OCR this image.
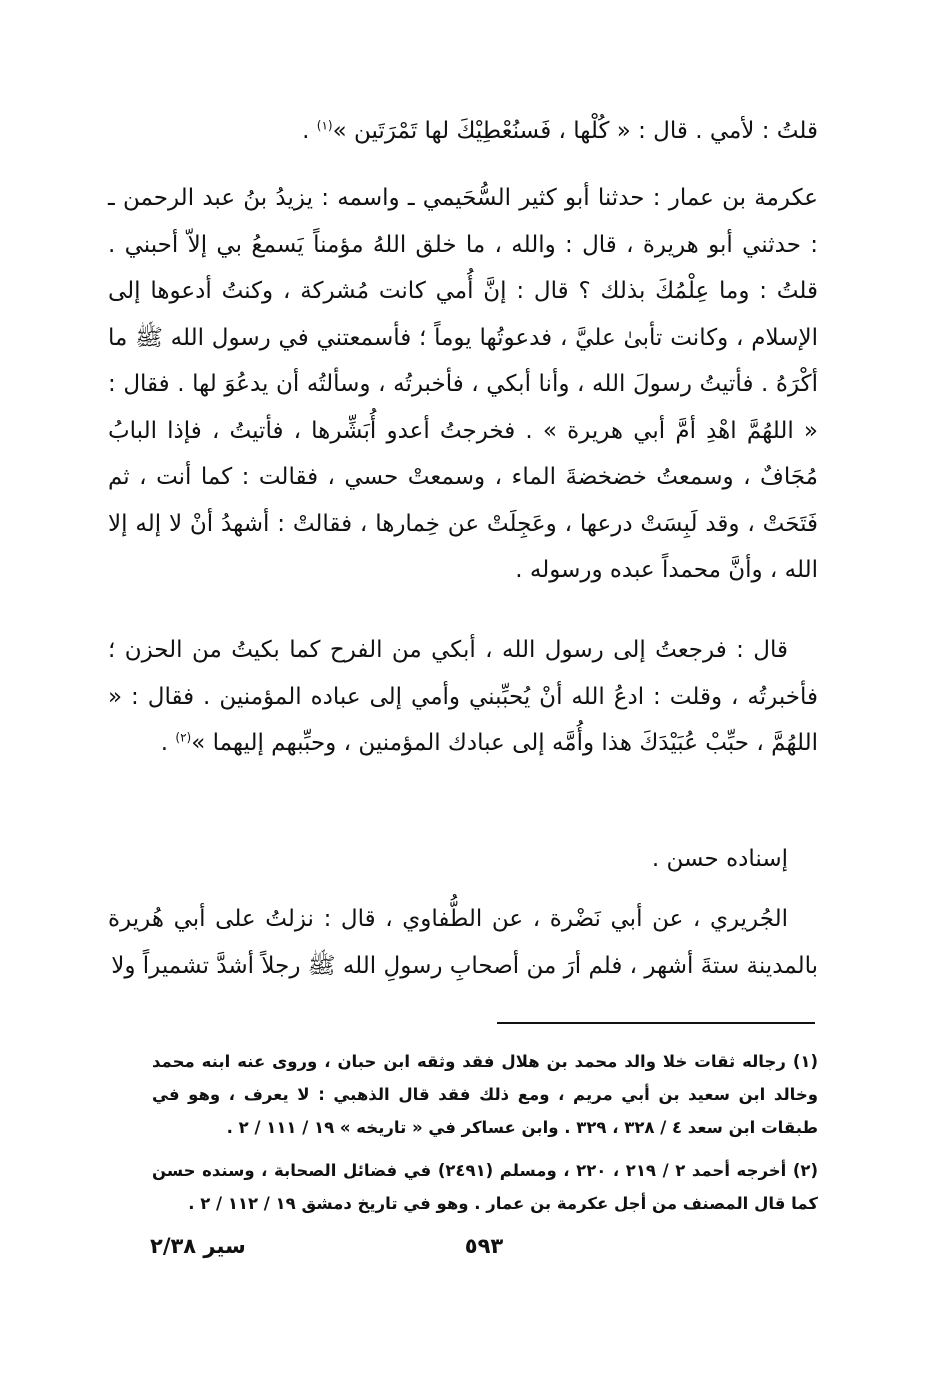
قلتُ : لأمي . قال : « كُلْها ، فَسنُعْطِيْكَ لها تَمْرَتَين »$^{(١)}$ .

عكرمة بن عمار : حدثنا أبو كثير السُّحَيمي ـ واسمه : يزيدُ بنُ عبد الرحمن ـ : حدثني أبو هريرة ، قال : والله ، ما خلق اللهُ مؤمناً يَسمعُ بي إلاّ أحبني . قلتُ : وما عِلْمُكَ بذلك ؟ قال : إنَّ أُمي كانت مُشركة ، وكنتُ أدعوها إلى الإسلام ، وكانت تأبىٰ عليَّ ، فدعوتُها يوماً ؛ فأسمعتني في رسول الله ﷺ ما أكْرَهُ . فأتيتُ رسولَ الله ، وأنا أبكي ، فأخبرتُه ، وسألتُه أن يدعُوَ لها . فقال : « اللهُمَّ اهْدِ أمَّ أبي هريرة » . فخرجتُ أعدو أُبَشِّرها ، فأتيتُ ، فإذا البابُ مُجَافٌ ، وسمعتُ خضخضةَ الماء ، وسمعتْ حسي ، فقالت : كما أنت ، ثم فَتَحَتْ ، وقد لَبِسَتْ درعها ، وعَجِلَتْ عن خِمارها ، فقالتْ : أشهدُ أنْ لا إله إلا الله ، وأنَّ محمداً عبده ورسوله .

قال : فرجعتُ إلى رسول الله ، أبكي من الفرح كما بكيتُ من الحزن ؛ فأخبرتُه ، وقلت : ادعُ الله أنْ يُحبِّبني وأمي إلى عباده المؤمنين . فقال : « اللهُمَّ ، حبِّبْ عُبَيْدَكَ هذا وأُمَّه إلى عبادك المؤمنين ، وحبِّبهم إليهما »$^{(٢)}$ .

إسناده حسن .

الجُريري ، عن أبي نَضْرة ، عن الطُّفاوي ، قال : نزلتُ على أبي هُريرة بالمدينة ستةَ أشهر ، فلم أرَ من أصحابِ رسولِ الله ﷺ رجلاً أشدَّ تشميراً ولا

(١) رجاله ثقات خلا والد محمد بن هلال فقد وثقه ابن حبان ، وروى عنه ابنه محمد وخالد ابن سعيد بن أبي مريم ، ومع ذلك فقد قال الذهبي : لا يعرف ، وهو في طبقات ابن سعد ٤ / ٣٢٨ ، ٣٢٩ . وابن عساكر في « تاريخه » ١٩ / ١١١ / ٢ .

(٢) أخرجه أحمد ٢ / ٢١٩ ، ٢٢٠ ، ومسلم (٢٤٩١) في فضائل الصحابة ، وسنده حسن كما قال المصنف من أجل عكرمة بن عمار . وهو في تاريخ دمشق ١٩ / ١١٢ / ٢ .

سير ٢/٣٨	٥٩٣
